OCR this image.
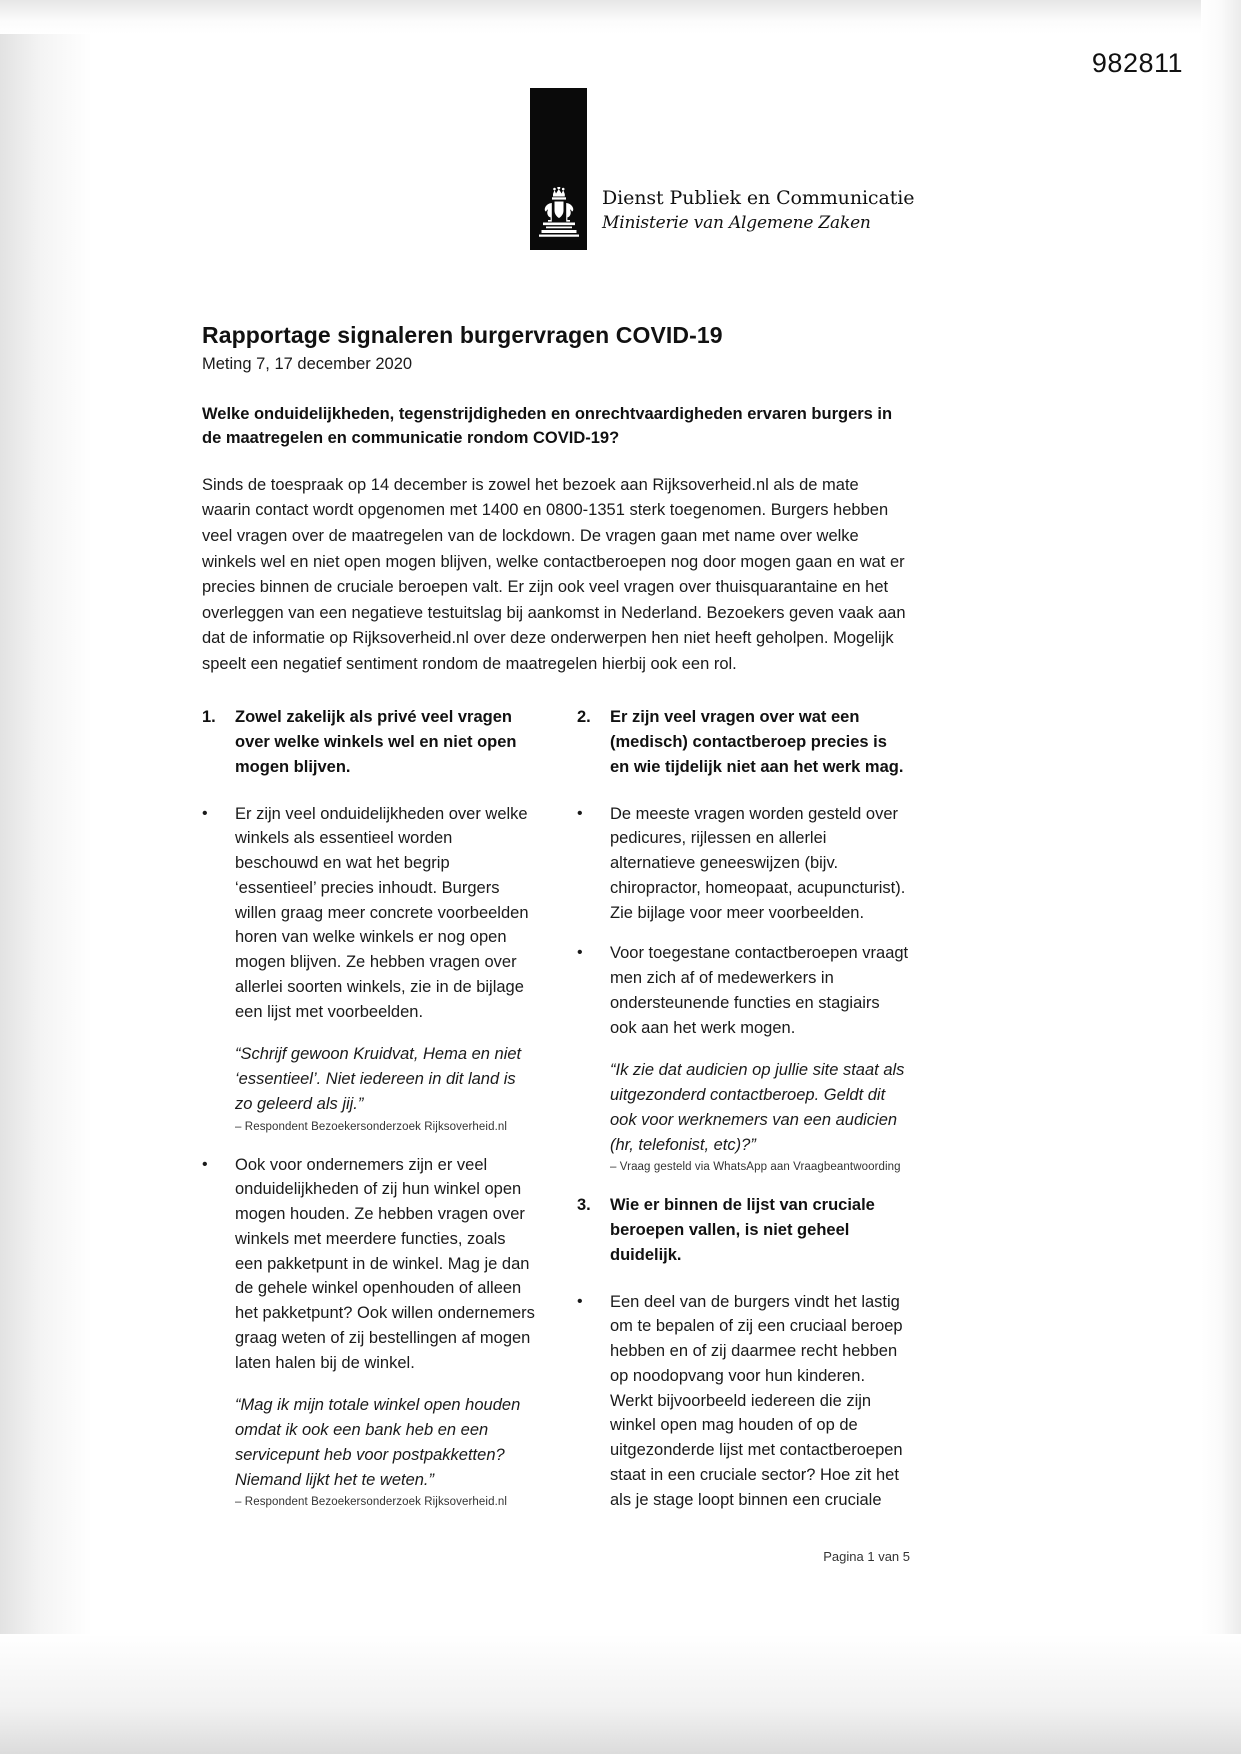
982811
Dienst Publiek en Communicatie
Ministerie van Algemene Zaken
Rapportage signaleren burgervragen COVID-19
Meting 7, 17 december 2020
Welke onduidelijkheden, tegenstrijdigheden en onrechtvaardigheden ervaren burgers in de maatregelen en communicatie rondom COVID-19?

Sinds de toespraak op 14 december is zowel het bezoek aan Rijksoverheid.nl als de mate waarin contact wordt opgenomen met 1400 en 0800-1351 sterk toegenomen. Burgers hebben veel vragen over de maatregelen van de lockdown. De vragen gaan met name over welke winkels wel en niet open mogen blijven, welke contactberoepen nog door mogen gaan en wat er precies binnen de cruciale beroepen valt. Er zijn ook veel vragen over thuisquarantaine en het overleggen van een negatieve testuitslag bij aankomst in Nederland. Bezoekers geven vaak aan dat de informatie op Rijksoverheid.nl over deze onderwerpen hen niet heeft geholpen. Mogelijk speelt een negatief sentiment rondom de maatregelen hierbij ook een rol.

1.	Zowel zakelijk als privé veel vragen over welke winkels wel en niet open mogen blijven.
•	Er zijn veel onduidelijkheden over welke winkels als essentieel worden beschouwd en wat het begrip ‘essentieel’ precies inhoudt. Burgers willen graag meer concrete voorbeelden horen van welke winkels er nog open mogen blijven. Ze hebben vragen over allerlei soorten winkels, zie in de bijlage een lijst met voorbeelden.
“Schrijf gewoon Kruidvat, Hema en niet ‘essentieel’. Niet iedereen in dit land is zo geleerd als jij.”
– Respondent Bezoekersonderzoek Rijksoverheid.nl
•	Ook voor ondernemers zijn er veel onduidelijkheden of zij hun winkel open mogen houden. Ze hebben vragen over winkels met meerdere functies, zoals een pakketpunt in de winkel. Mag je dan de gehele winkel openhouden of alleen het pakketpunt? Ook willen ondernemers graag weten of zij bestellingen af mogen laten halen bij de winkel.
“Mag ik mijn totale winkel open houden omdat ik ook een bank heb en een servicepunt heb voor postpakketten? Niemand lijkt het te weten.”
– Respondent Bezoekersonderzoek Rijksoverheid.nl
2.	Er zijn veel vragen over wat een (medisch) contactberoep precies is en wie tijdelijk niet aan het werk mag.
•	De meeste vragen worden gesteld over pedicures, rijlessen en allerlei alternatieve geneeswijzen (bijv. chiropractor, homeopaat, acupuncturist). Zie bijlage voor meer voorbeelden.
•	Voor toegestane contactberoepen vraagt men zich af of medewerkers in ondersteunende functies en stagiairs ook aan het werk mogen.
“Ik zie dat audicien op jullie site staat als uitgezonderd contactberoep. Geldt dit ook voor werknemers van een audicien (hr, telefonist, etc)?”
– Vraag gesteld via WhatsApp aan Vraagbeantwoording
3.	Wie er binnen de lijst van cruciale beroepen vallen, is niet geheel duidelijk.
•	Een deel van de burgers vindt het lastig om te bepalen of zij een cruciaal beroep hebben en of zij daarmee recht hebben op noodopvang voor hun kinderen. Werkt bijvoorbeeld iedereen die zijn winkel open mag houden of op de uitgezonderde lijst met contactberoepen staat in een cruciale sector? Hoe zit het als je stage loopt binnen een cruciale
Pagina 1 van 5
